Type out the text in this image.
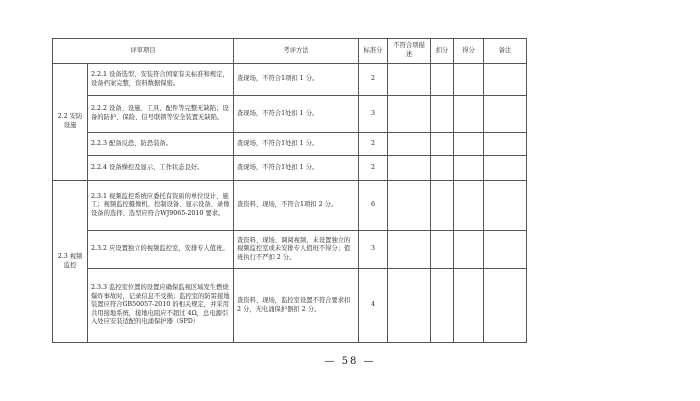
评审项目		考评方法	标准分	不符合项描述	扣分	得分	备注
2.2 安防设施	2.2.1 设备选型、安装符合国家有关标准和规定，设备档案完整，资料数据保密。	查现场，不符合1项扣 1 分。	2				
	2.2.2 设备、设施、工具、配件等完整无缺陷；设备的防护、保险、信号联锁等安全装置无缺陷。	查现场，不符合1处扣 1 分。	3				
	2.2.3 配备反恐、防恐装备。	查现场，不符合1处扣 1 分。	2				
	2.2.4 设备操控及显示，工作状态良好。	查现场，不符合1处扣 1 分。	2				
2.3 视频监控	2.3.1 视频监控系统应委托有资质的单位设计、施工；视频监控摄像机、控制设备、显示设备、录像设备的选择、选型应符合WJ9065-2010 要求。	查资料、现场，不符合1项扣 2 分。	6				
	2.3.2 应设置独立的视频监控室，安排专人值班。	查资料、现场、调阅视频，未设置独立的视频监控室或未安排专人值班不得分；值班执行不严扣 2 分。	3				
	2.3.3 监控室位置的设置应确保监视区域发生燃烧爆炸事故时，记录信息不受损；监控室的防雷接地装置应符合GB50057-2010 的相关规定，并采用共用接地系统，接地电阻应不超过 4Ω，总电源引入处应安装适配的电涌保护器（SPD）	查资料、现场，监控室设置不符合要求扣 2 分，无电涌保护器扣 2 分。	4				
— 58 —
